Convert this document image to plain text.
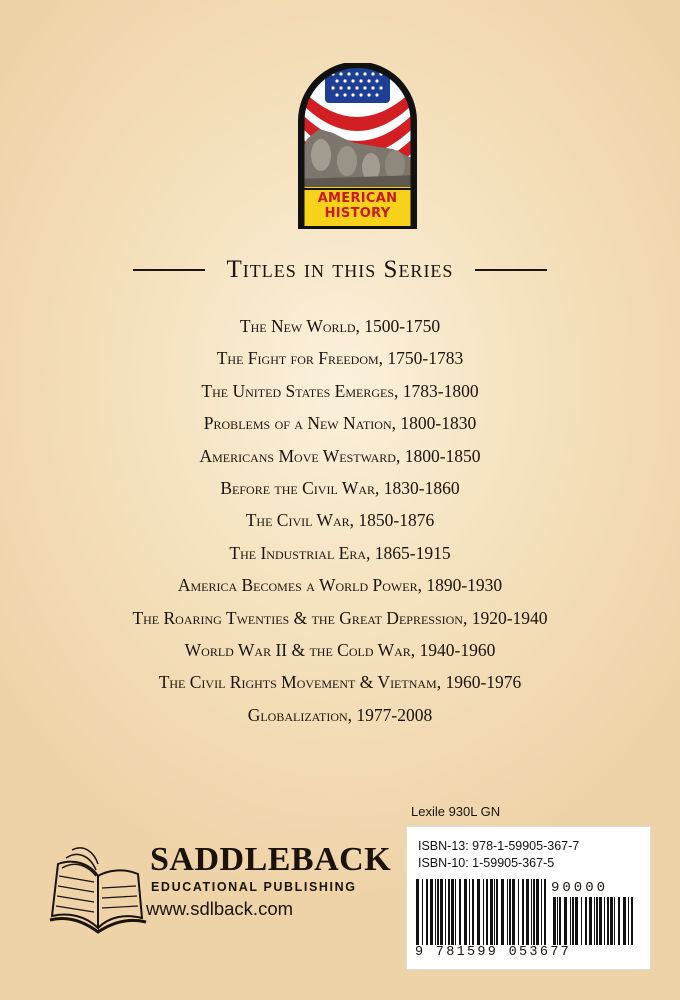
AMERICAN
HISTORY
Titles in this Series
The New World, 1500-1750
The Fight for Freedom, 1750-1783
The United States Emerges, 1783-1800
Problems of a New Nation, 1800-1830
Americans Move Westward, 1800-1850
Before the Civil War, 1830-1860
The Civil War, 1850-1876
The Industrial Era, 1865-1915
America Becomes a World Power, 1890-1930
The Roaring Twenties & the Great Depression, 1920-1940
World War II & the Cold War, 1940-1960
The Civil Rights Movement & Vietnam, 1960-1976
Globalization, 1977-2008
SADDLEBACK
EDUCATIONAL PUBLISHING
www.sdlback.com
Lexile 930L GN
ISBN-13: 978-1-59905-367-7
ISBN-10: 1-59905-367-5
9 781599 053677
90000
